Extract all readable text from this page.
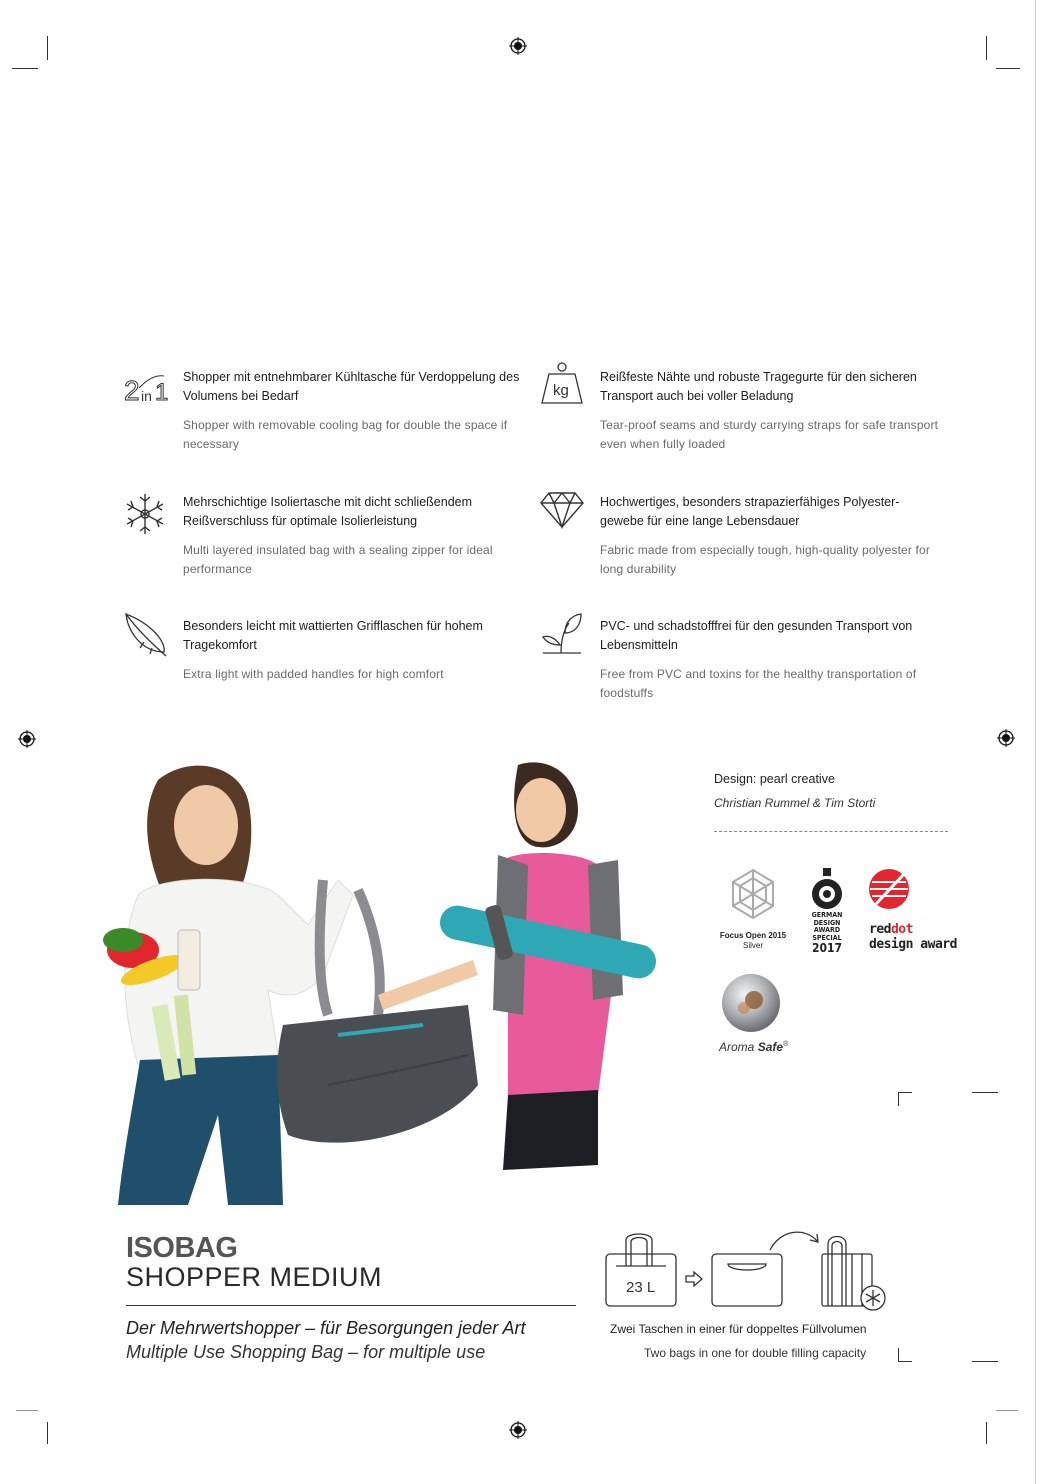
2 in 1
Shopper mit entnehmbarer Kühltasche für Verdoppelung des Volumens bei Bedarf
Shopper with removable cooling bag for double the space if necessary
kg
Reißfeste Nähte und robuste Tragegurte für den sicheren Transport auch bei voller Beladung
Tear-proof seams and sturdy carrying straps for safe transport even when fully loaded
Mehrschichtige Isoliertasche mit dicht schließendem Reißverschluss für optimale Isolierleistung
Multi layered insulated bag with a sealing zipper for ideal performance
Hochwertiges, besonders strapazierfähiges Polyester-gewebe für eine lange Lebensdauer
Fabric made from especially tough, high-quality polyester for long durability
Besonders leicht mit wattierten Grifflaschen für hohem Tragekomfort
Extra light with padded handles for high comfort
PVC- und schadstofffrei für den gesunden Transport von Lebensmitteln
Free from PVC and toxins for the healthy transportation of foodstuffs
Design: pearl creative
Christian Rummel & Tim Storti
Focus Open 2015
Silver
GERMAN
DESIGN
AWARD
SPECIAL
2017
reddot
design award
Aroma Safe®
ISOBAG
SHOPPER MEDIUM
Der Mehrwertshopper – für Besorgungen jeder Art
Multiple Use Shopping Bag – for multiple use
23 L
Zwei Taschen in einer für doppeltes Füllvolumen
Two bags in one for double filling capacity
